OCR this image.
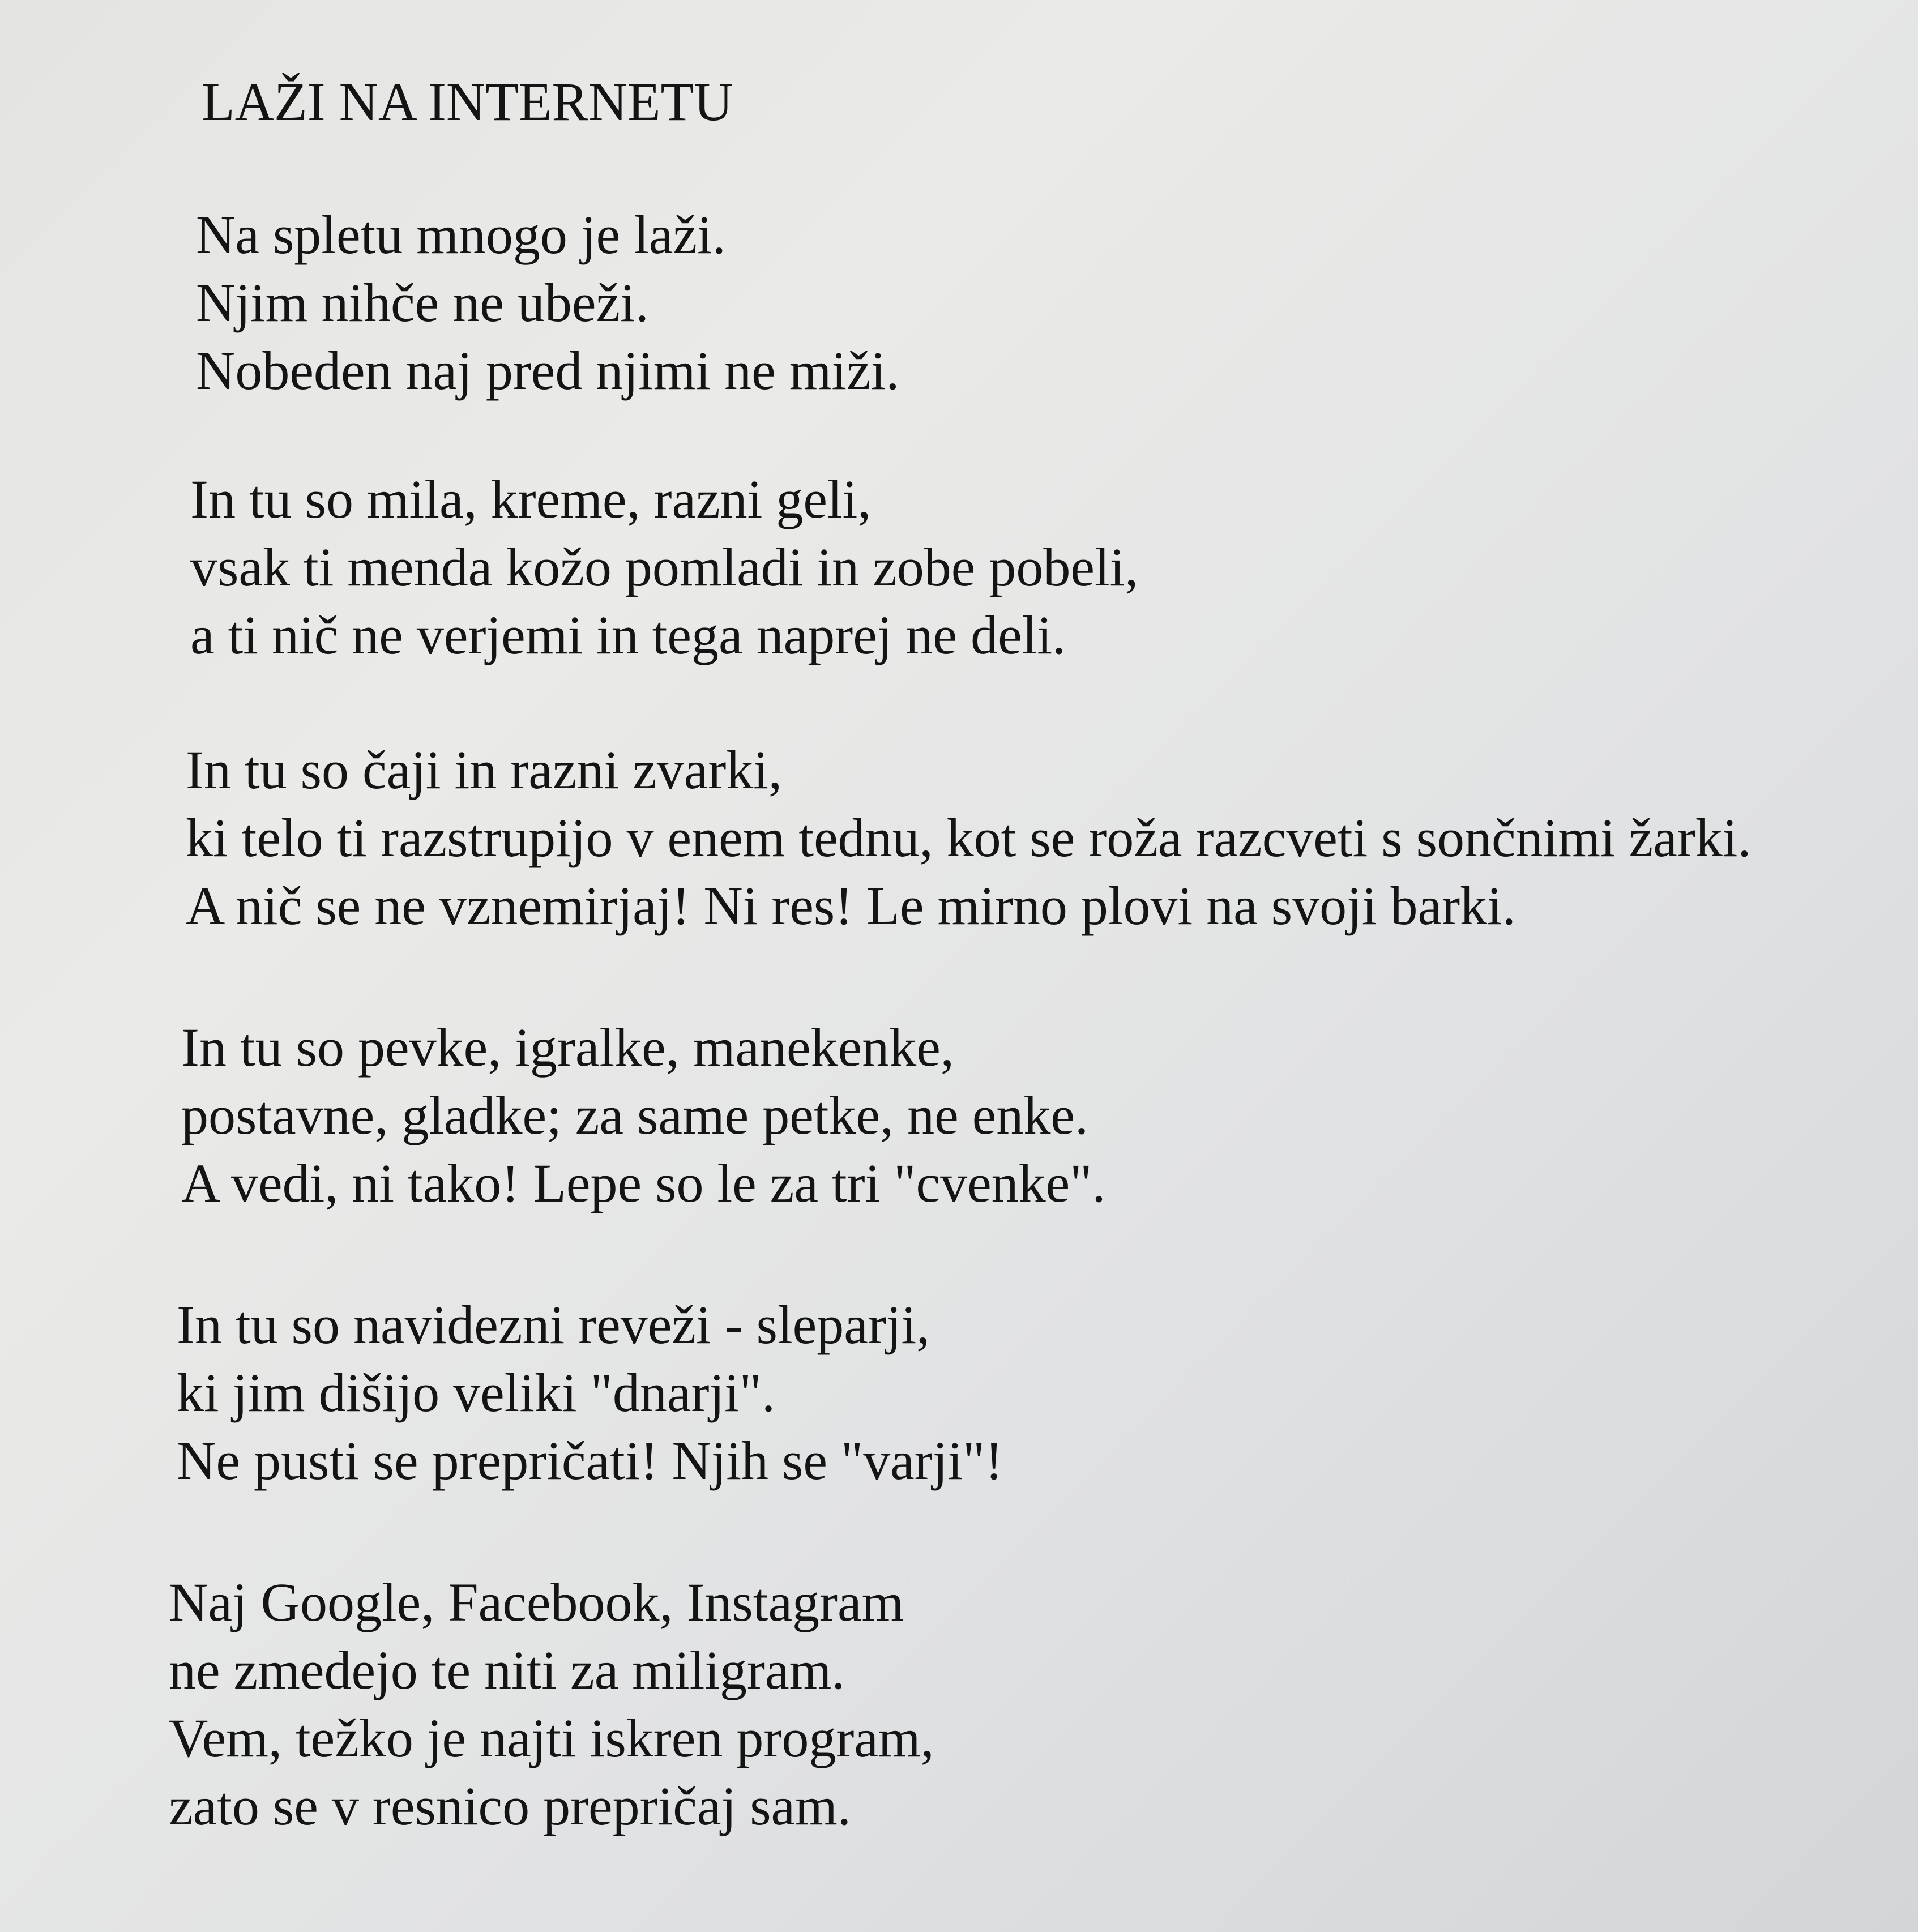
LAŽI NA INTERNETU
Na spletu mnogo je laži.
Njim nihče ne ubeži.
Nobeden naj pred njimi ne miži.
In tu so mila, kreme, razni geli,
vsak ti menda kožo pomladi in zobe pobeli,
a ti nič ne verjemi in tega naprej ne deli.
In tu so čaji in razni zvarki,
ki telo ti razstrupijo v enem tednu, kot se roža razcveti s sončnimi žarki.
A nič se ne vznemirjaj! Ni res! Le mirno plovi na svoji barki.
In tu so pevke, igralke, manekenke,
postavne, gladke; za same petke, ne enke.
A vedi, ni tako! Lepe so le za tri "cvenke".
In tu so navidezni reveži - sleparji,
ki jim dišijo veliki "dnarji".
Ne pusti se prepričati! Njih se "varji"!
Naj Google, Facebook, Instagram
ne zmedejo te niti za miligram.
Vem, težko je najti iskren program,
zato se v resnico prepričaj sam.
